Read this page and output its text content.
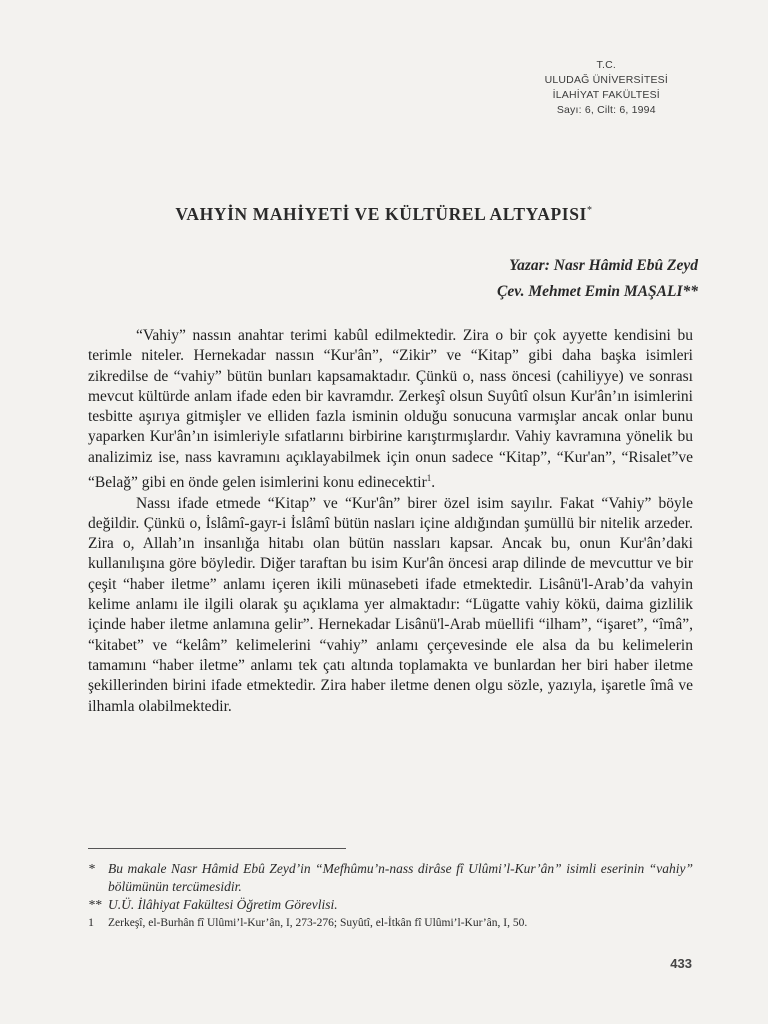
T.C.
ULUDAĞ ÜNİVERSİTESİ
İLAHİYAT FAKÜLTESİ
Sayı: 6, Cilt: 6, 1994
VAHYİN MAHİYETİ VE KÜLTÜREL ALTYAPISI*
Yazar: Nasr Hâmid Ebû Zeyd
Çev. Mehmet Emin MAŞALI**

“Vahiy” nassın anahtar terimi kabûl edilmektedir. Zira o bir çok ayyette kendisini bu terimle niteler. Hernekadar nassın “Kur'ân”, “Zikir” ve “Kitap” gibi daha başka isimleri zikredilse de “vahiy” bütün bunları kapsamaktadır. Çünkü o, nass öncesi (cahiliyye) ve sonrası mevcut kültürde anlam ifade eden bir kavramdır. Zerkeşî olsun Suyûtî olsun Kur'ân’ın isimlerini tesbitte aşırıya gitmişler ve elliden fazla isminin olduğu sonucuna varmışlar ancak onlar bunu yaparken Kur'ân’ın isimleriyle sıfatlarını birbirine karıştırmışlardır. Vahiy kavramına yönelik bu analizimiz ise, nass kavramını açıklayabilmek için onun sadece “Kitap”, “Kur'an”, “Risalet”ve “Belağ” gibi en önde gelen isimlerini konu edinecektir$^1$.

Nassı ifade etmede “Kitap” ve “Kur'ân” birer özel isim sayılır. Fakat “Vahiy” böyle değildir. Çünkü o, İslâmî-gayr-i İslâmî bütün nasları içine aldığından şumüllü bir nitelik arzeder. Zira o, Allah’ın insanlığa hitabı olan bütün nassları kapsar. Ancak bu, onun Kur'ân’daki kullanılışına göre böyledir. Diğer taraftan bu isim Kur'ân öncesi arap dilinde de mevcuttur ve bir çeşit “haber iletme” anlamı içeren ikili münasebeti ifade etmektedir. Lisânü'l-Arab’da vahyin kelime anlamı ile ilgili olarak şu açıklama yer almaktadır: “Lügatte vahiy kökü, daima gizlilik içinde haber iletme anlamına gelir”. Hernekadar Lisânü'l-Arab müellifi “ilham”, “işaret”, “îmâ”, “kitabet” ve “kelâm” kelimelerini “vahiy” anlamı çerçevesinde ele alsa da bu kelimelerin tamamını “haber iletme” anlamı tek çatı altında toplamakta ve bunlardan her biri haber iletme şekillerinden birini ifade etmektedir. Zira haber iletme denen olgu sözle, yazıyla, işaretle îmâ ve ilhamla olabilmektedir.

* Bu makale Nasr Hâmid Ebû Zeyd’in “Mefhûmu’n-nass dirâse fî Ulûmi’l-Kur’ân” isimli eserinin “vahiy” bölümünün tercümesidir.
** U.Ü. İlâhiyat Fakültesi Öğretim Görevlisi.
1 Zerkeşî, el-Burhân fî Ulûmi’l-Kur’ân, I, 273-276; Suyûtî, el-İtkân fî Ulûmi’l-Kur’ân, I, 50.
433
